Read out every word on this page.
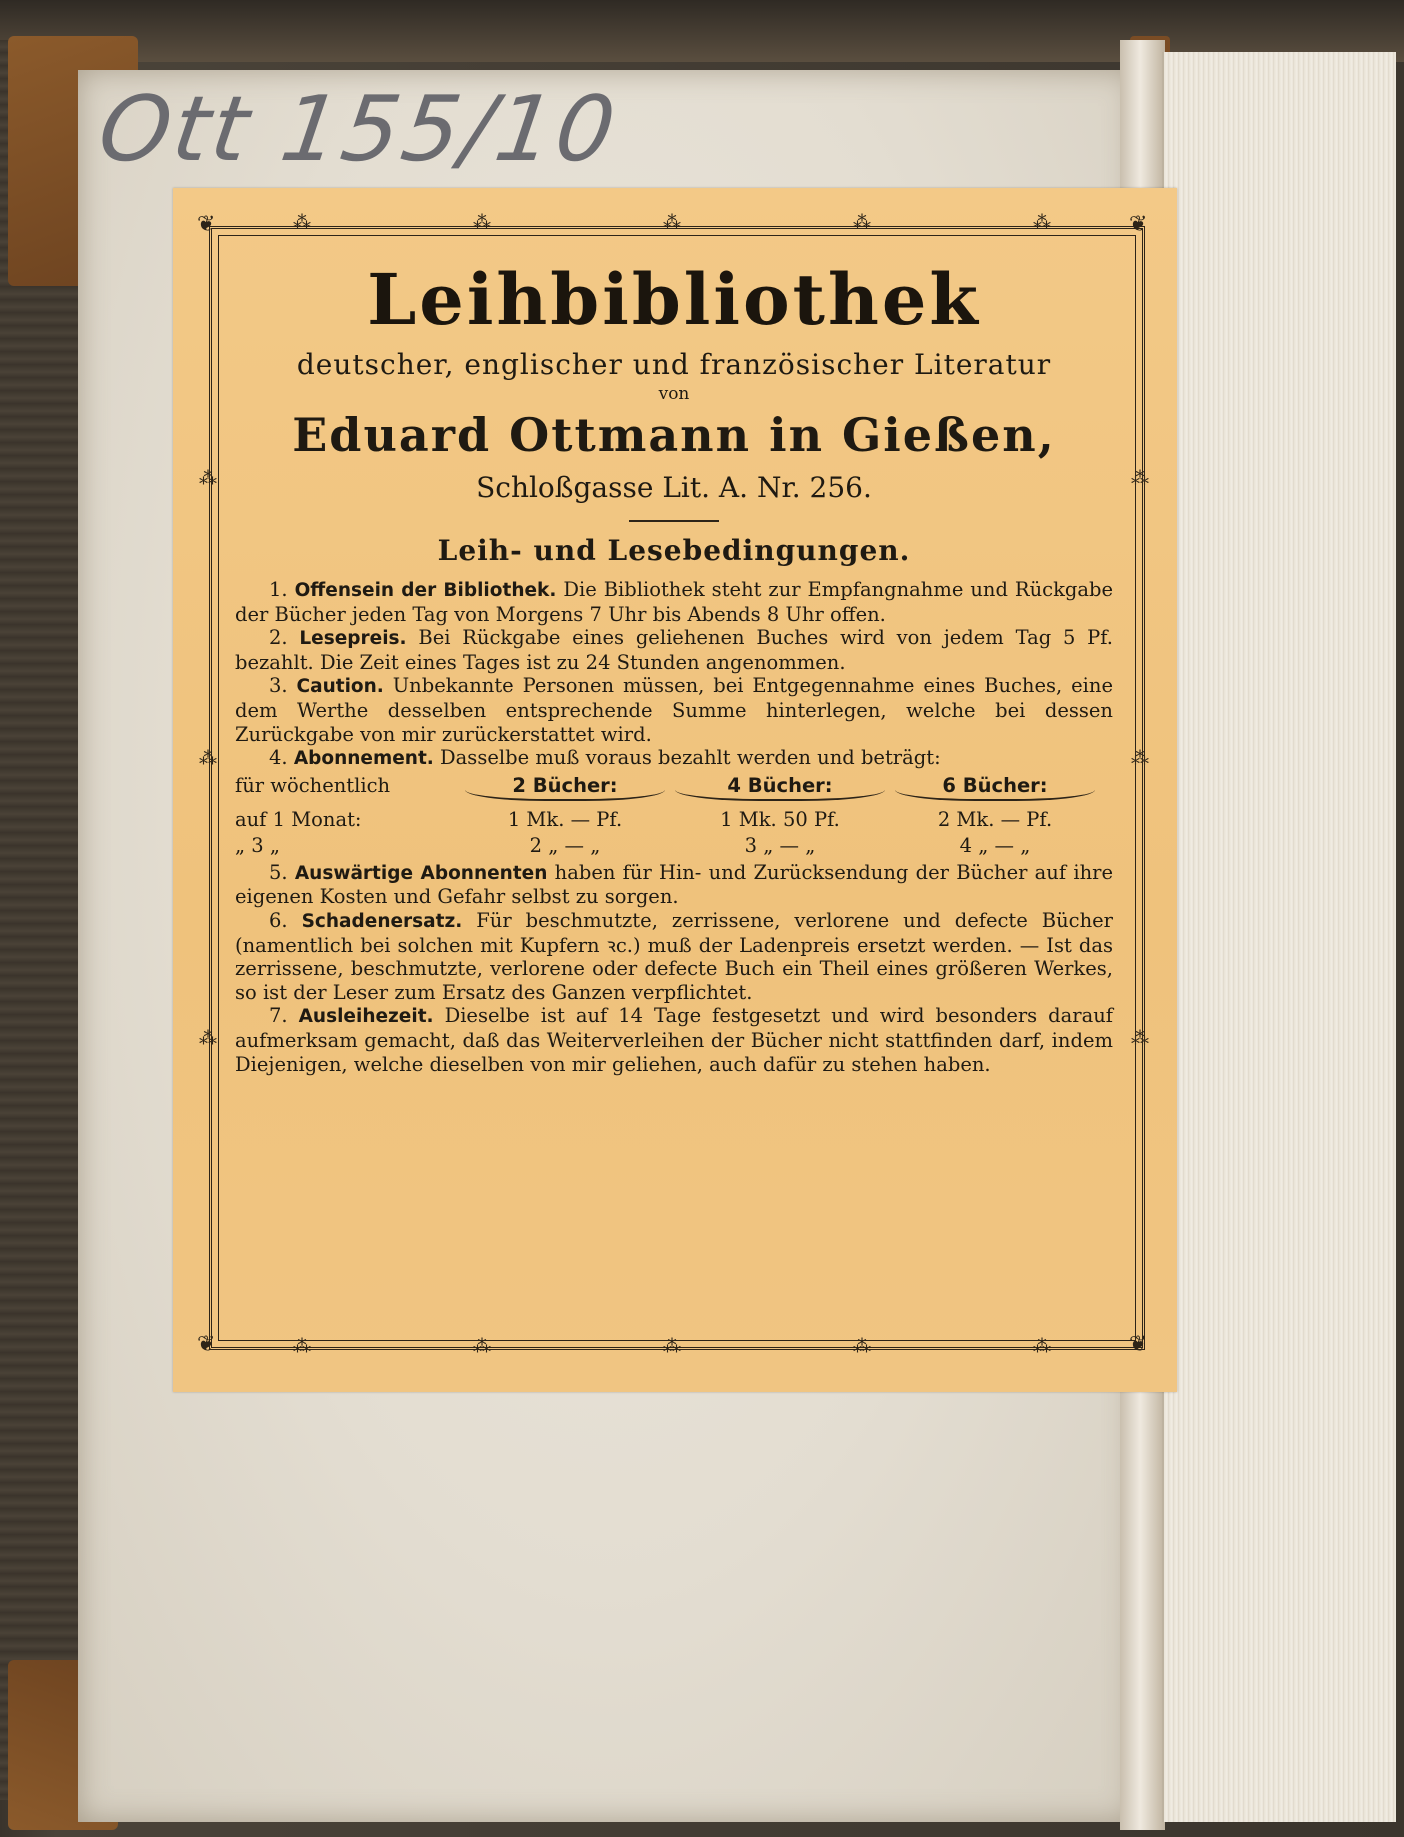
Ott 155/10
❦	❦
❦	❦
⁂	⁂	⁂	⁂	⁂
⁂	⁂	⁂	⁂	⁂
⁂
⁂
⁂
⁂
⁂
⁂
Leihbibliothek

deutscher, englischer und französischer Literatur

von

Eduard Ottmann in Gießen,

Schloßgasse Lit. A. Nr. 256.

Leih- und Lesebedingungen.

1. Offensein der Bibliothek. Die Bibliothek steht zur Empfangnahme und Rückgabe der Bücher jeden Tag von Morgens 7 Uhr bis Abends 8 Uhr offen.

2. Lesepreis. Bei Rückgabe eines geliehenen Buches wird von jedem Tag 5 Pf. bezahlt. Die Zeit eines Tages ist zu 24 Stunden angenommen.

3. Caution. Unbekannte Personen müssen, bei Entgegennahme eines Buches, eine dem Werthe desselben entsprechende Summe hinterlegen, welche bei dessen Zurückgabe von mir zurückerstattet wird.

4. Abonnement. Dasselbe muß voraus bezahlt werden und beträgt:

für wöchentlich	2 Bücher:	4 Bücher:	6 Bücher:
auf 1 Monat:	1 Mk. — Pf.	1 Mk. 50 Pf.	2 Mk. — Pf.
„ 3 „	2 „ — „	3 „ — „	4 „ — „

5. Auswärtige Abonnenten haben für Hin- und Zurücksendung der Bücher auf ihre eigenen Kosten und Gefahr selbst zu sorgen.

6. Schadenersatz. Für beschmutzte, zerrissene, verlorene und defecte Bücher (namentlich bei solchen mit Kupfern ꝛc.) muß der Ladenpreis ersetzt werden. — Ist das zerrissene, beschmutzte, verlorene oder defecte Buch ein Theil eines größeren Werkes, so ist der Leser zum Ersatz des Ganzen verpflichtet.

7. Ausleihezeit. Dieselbe ist auf 14 Tage festgesetzt und wird besonders darauf aufmerksam gemacht, daß das Weiterverleihen der Bücher nicht stattfinden darf, indem Diejenigen, welche dieselben von mir geliehen, auch dafür zu stehen haben.
